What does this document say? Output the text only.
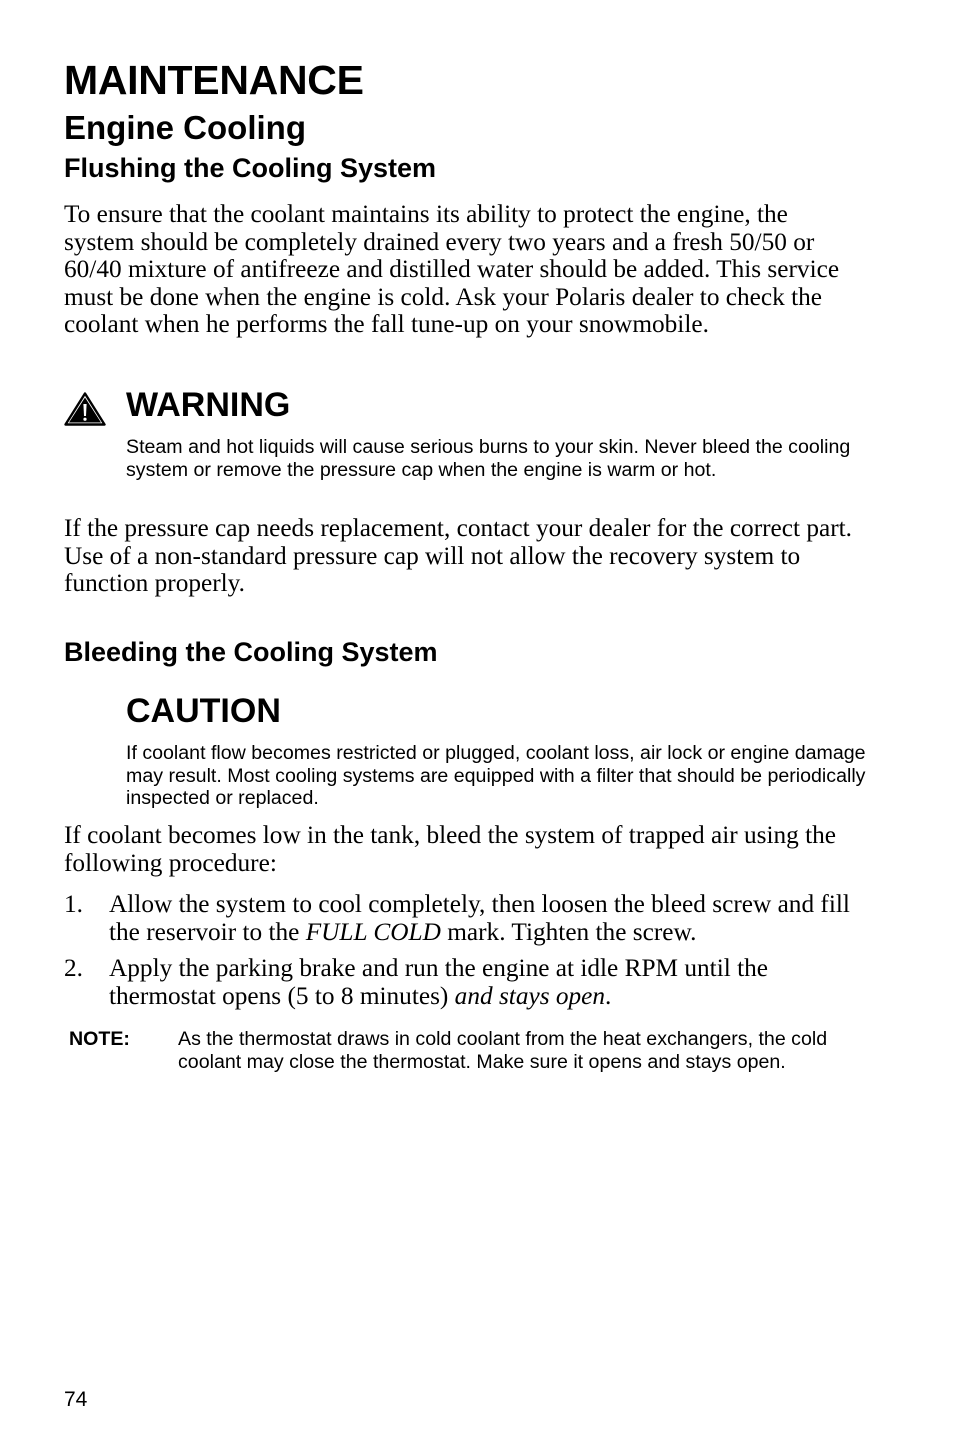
MAINTENANCE
Engine Cooling
Flushing the Cooling System

To ensure that the coolant maintains its ability to protect the engine, the system should be completely drained every two years and a fresh 50/50 or 60/40 mixture of antifreeze and distilled water should be added. This service must be done when the engine is cold. Ask your Polaris dealer to check the coolant when he performs the fall tune-up on your snowmobile.

WARNING

Steam and hot liquids will cause serious burns to your skin. Never bleed the cooling system or remove the pressure cap when the engine is warm or hot.

If the pressure cap needs replacement, contact your dealer for the correct part. Use of a non-standard pressure cap will not allow the recovery system to function properly.

Bleeding the Cooling System
CAUTION

If coolant flow becomes restricted or plugged, coolant loss, air lock or engine damage may result. Most cooling systems are equipped with a filter that should be periodically inspected or replaced.

If coolant becomes low in the tank, bleed the system of trapped air using the following procedure:

1. Allow the system to cool completely, then loosen the bleed screw and fill the reservoir to the FULL COLD mark. Tighten the screw.
2. Apply the parking brake and run the engine at idle RPM until the thermostat opens (5 to 8 minutes) and stays open.
NOTE: As the thermostat draws in cold coolant from the heat exchangers, the cold coolant may close the thermostat. Make sure it opens and stays open.

74
